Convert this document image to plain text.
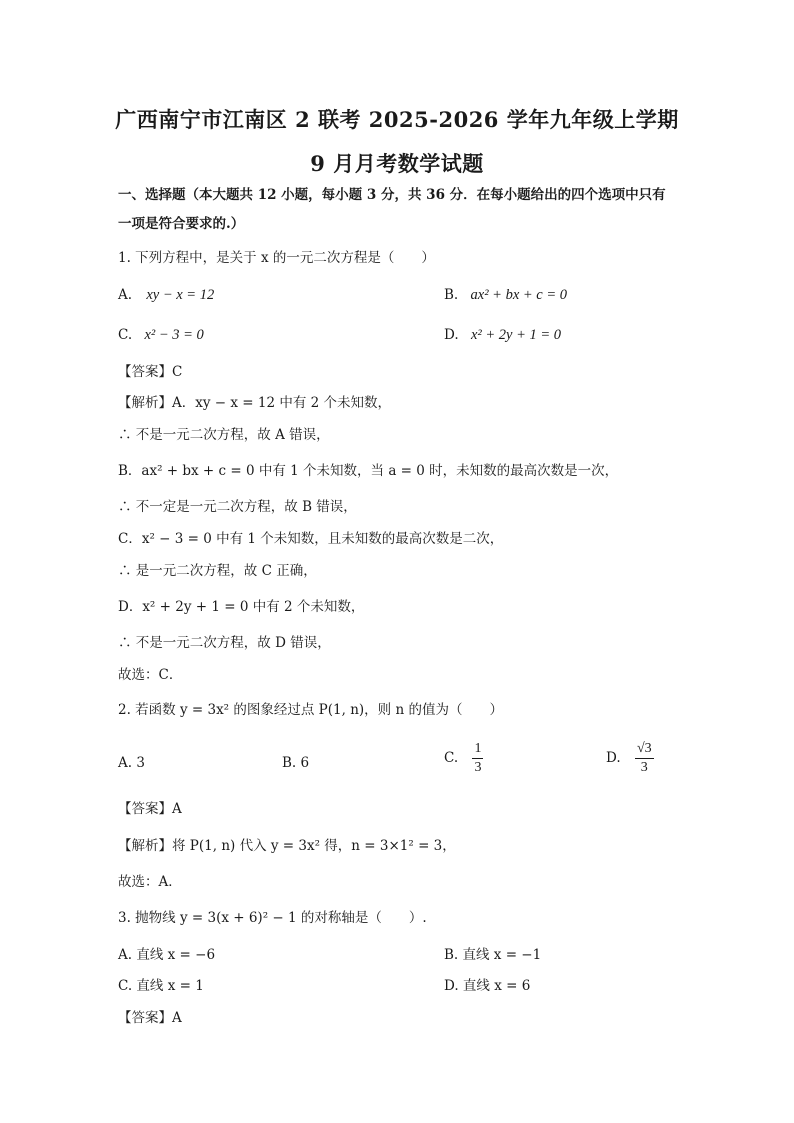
广西南宁市江南区 2 联考 2025-2026 学年九年级上学期
9 月月考数学试题
一、选择题（本大题共 12 小题，每小题 3 分，共 36 分．在每小题给出的四个选项中只有
一项是符合要求的.）
1. 下列方程中，是关于 x 的一元二次方程是（　　）
A. xy − x = 12	B. ax² + bx + c = 0
C. x² − 3 = 0	D. x² + 2y + 1 = 0
【答案】C
【解析】A．xy − x = 12 中有 2 个未知数，
∴ 不是一元二次方程，故 A 错误，
B．ax² + bx + c = 0 中有 1 个未知数，当 a = 0 时，未知数的最高次数是一次，
∴ 不一定是一元二次方程，故 B 错误，
C．x² − 3 = 0 中有 1 个未知数，且未知数的最高次数是二次，
∴ 是一元二次方程，故 C 正确，
D．x² + 2y + 1 = 0 中有 2 个未知数，
∴ 不是一元二次方程，故 D 错误，
故选：C．
2. 若函数 y = 3x² 的图象经过点 P(1, n)，则 n 的值为（　　）
A. 3	B. 6	C. $\frac{1}{3}$	D. $\frac{√3}{3}$
【答案】A
【解析】将 P(1, n) 代入 y = 3x² 得，n = 3×1² = 3，
故选：A．
3. 抛物线 y = 3(x + 6)² − 1 的对称轴是（　　）.
A. 直线 x = −6	B. 直线 x = −1
C. 直线 x = 1	D. 直线 x = 6
【答案】A
